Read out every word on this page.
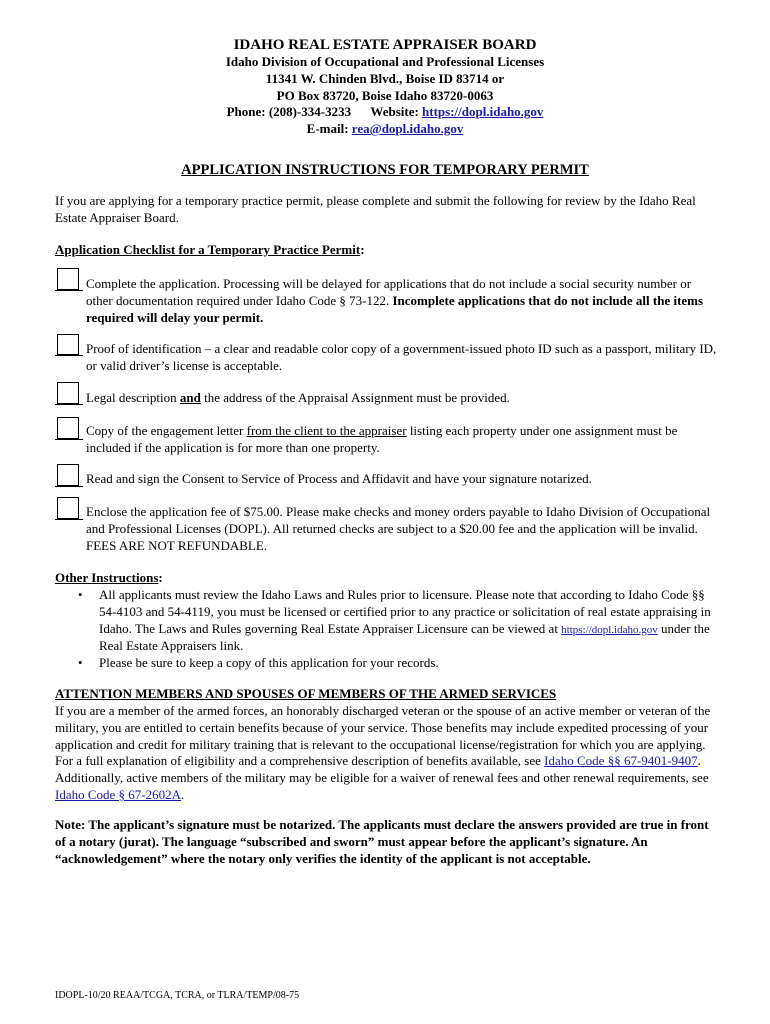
IDAHO REAL ESTATE APPRAISER BOARD
Idaho Division of Occupational and Professional Licenses
11341 W. Chinden Blvd., Boise ID 83714 or
PO Box 83720, Boise Idaho 83720-0063
Phone: (208)-334-3233 Website: https://dopl.idaho.gov
E-mail: rea@dopl.idaho.gov
APPLICATION INSTRUCTIONS FOR TEMPORARY PERMIT
If you are applying for a temporary practice permit, please complete and submit the following for review by the Idaho Real Estate Appraiser Board.
Application Checklist for a Temporary Practice Permit:
Complete the application. Processing will be delayed for applications that do not include a social security number or other documentation required under Idaho Code § 73-122. Incomplete applications that do not include all the items required will delay your permit.
Proof of identification – a clear and readable color copy of a government-issued photo ID such as a passport, military ID, or valid driver’s license is acceptable.
Legal description and the address of the Appraisal Assignment must be provided.
Copy of the engagement letter from the client to the appraiser listing each property under one assignment must be included if the application is for more than one property.
Read and sign the Consent to Service of Process and Affidavit and have your signature notarized.
Enclose the application fee of $75.00. Please make checks and money orders payable to Idaho Division of Occupational and Professional Licenses (DOPL). All returned checks are subject to a $20.00 fee and the application will be invalid. FEES ARE NOT REFUNDABLE.
Other Instructions:
• All applicants must review the Idaho Laws and Rules prior to licensure. Please note that according to Idaho Code §§ 54-4103 and 54-4119, you must be licensed or certified prior to any practice or solicitation of real estate appraising in Idaho. The Laws and Rules governing Real Estate Appraiser Licensure can be viewed at https://dopl.idaho.gov under the Real Estate Appraisers link.
• Please be sure to keep a copy of this application for your records.
ATTENTION MEMBERS AND SPOUSES OF MEMBERS OF THE ARMED SERVICES
If you are a member of the armed forces, an honorably discharged veteran or the spouse of an active member or veteran of the military, you are entitled to certain benefits because of your service. Those benefits may include expedited processing of your application and credit for military training that is relevant to the occupational license/registration for which you are applying. For a full explanation of eligibility and a comprehensive description of benefits available, see Idaho Code §§ 67-9401-9407. Additionally, active members of the military may be eligible for a waiver of renewal fees and other renewal requirements, see Idaho Code § 67-2602A.
Note: The applicant’s signature must be notarized. The applicants must declare the answers provided are true in front of a notary (jurat). The language “subscribed and sworn” must appear before the applicant’s signature. An “acknowledgement” where the notary only verifies the identity of the applicant is not acceptable.
IDOPL-10/20 REAA/TCGA, TCRA, or TLRA/TEMP/08-75
